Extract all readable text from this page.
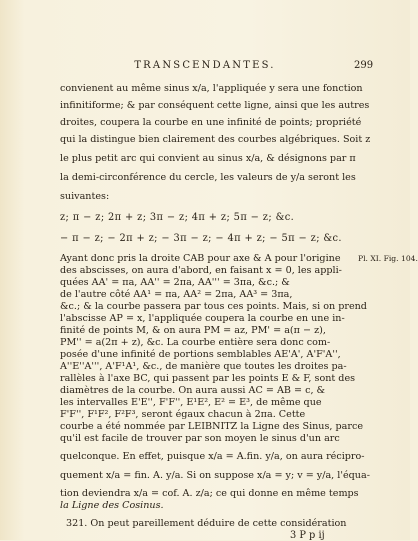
TRANSCENDANTES.	299
convienent au même sinus x/a, l'appliquée y sera une fonction
infinitiforme; & par conséquent cette ligne, ainsi que les autres
droites, coupera la courbe en une infinité de points; propriété
qui la distingue bien clairement des courbes algébriques. Soit z
le plus petit arc qui convient au sinus x/a, & désignons par π
la demi-circonférence du cercle, les valeurs de y/a seront les
suivantes:
z; π − z; 2π + z; 3π − z; 4π + z; 5π − z; &c.
− π − z; − 2π + z; − 3π − z; − 4π + z; − 5π − z; &c.
Ayant donc pris la droite CAB pour axe & A pour l'origine
des abscisses, on aura d'abord, en faisant x = 0, les appli-
quées AA' = πa, AA'' = 2πa, AA''' = 3πa, &c.; &
de l'autre côté AA¹ = πa, AA² = 2πa, AA³ = 3πa,
&c.; & la courbe passera par tous ces points. Mais, si on prend
l'abscisse AP = x, l'appliquée coupera la courbe en une in-
finité de points M, & on aura PM = az, PM' = a(π − z),
PM'' = a(2π + z), &c. La courbe entière sera donc com-
posée d'une infinité de portions semblables AE'A', A'F'A'',
A''E''A''', A'F¹A¹, &c., de manière que toutes les droites pa-
rallèles à l'axe BC, qui passent par les points E & F, sont des
diamètres de la courbe. On aura aussi AC = AB = c, &
les intervalles E'E'', F'F'', E¹E², E² = E³, de même que
F'F'', F¹F², F²F³, seront égaux chacun à 2πa. Cette
courbe a été nommée par LEIBNITZ la Ligne des Sinus, parce
qu'il est facile de trouver par son moyen le sinus d'un arc
quelconque. En effet, puisque x/a = A.fin. y/a, on aura récipro-
quement x/a = fin. A. y/a. Si on suppose x/a = y; v = y/a, l'équa-
tion deviendra x/a = cof. A. z/a; ce qui donne en même temps
la Ligne des Cosinus.
321. On peut pareillement déduire de cette considération
Pl. XI. Fig. 104.
3 P p ij
